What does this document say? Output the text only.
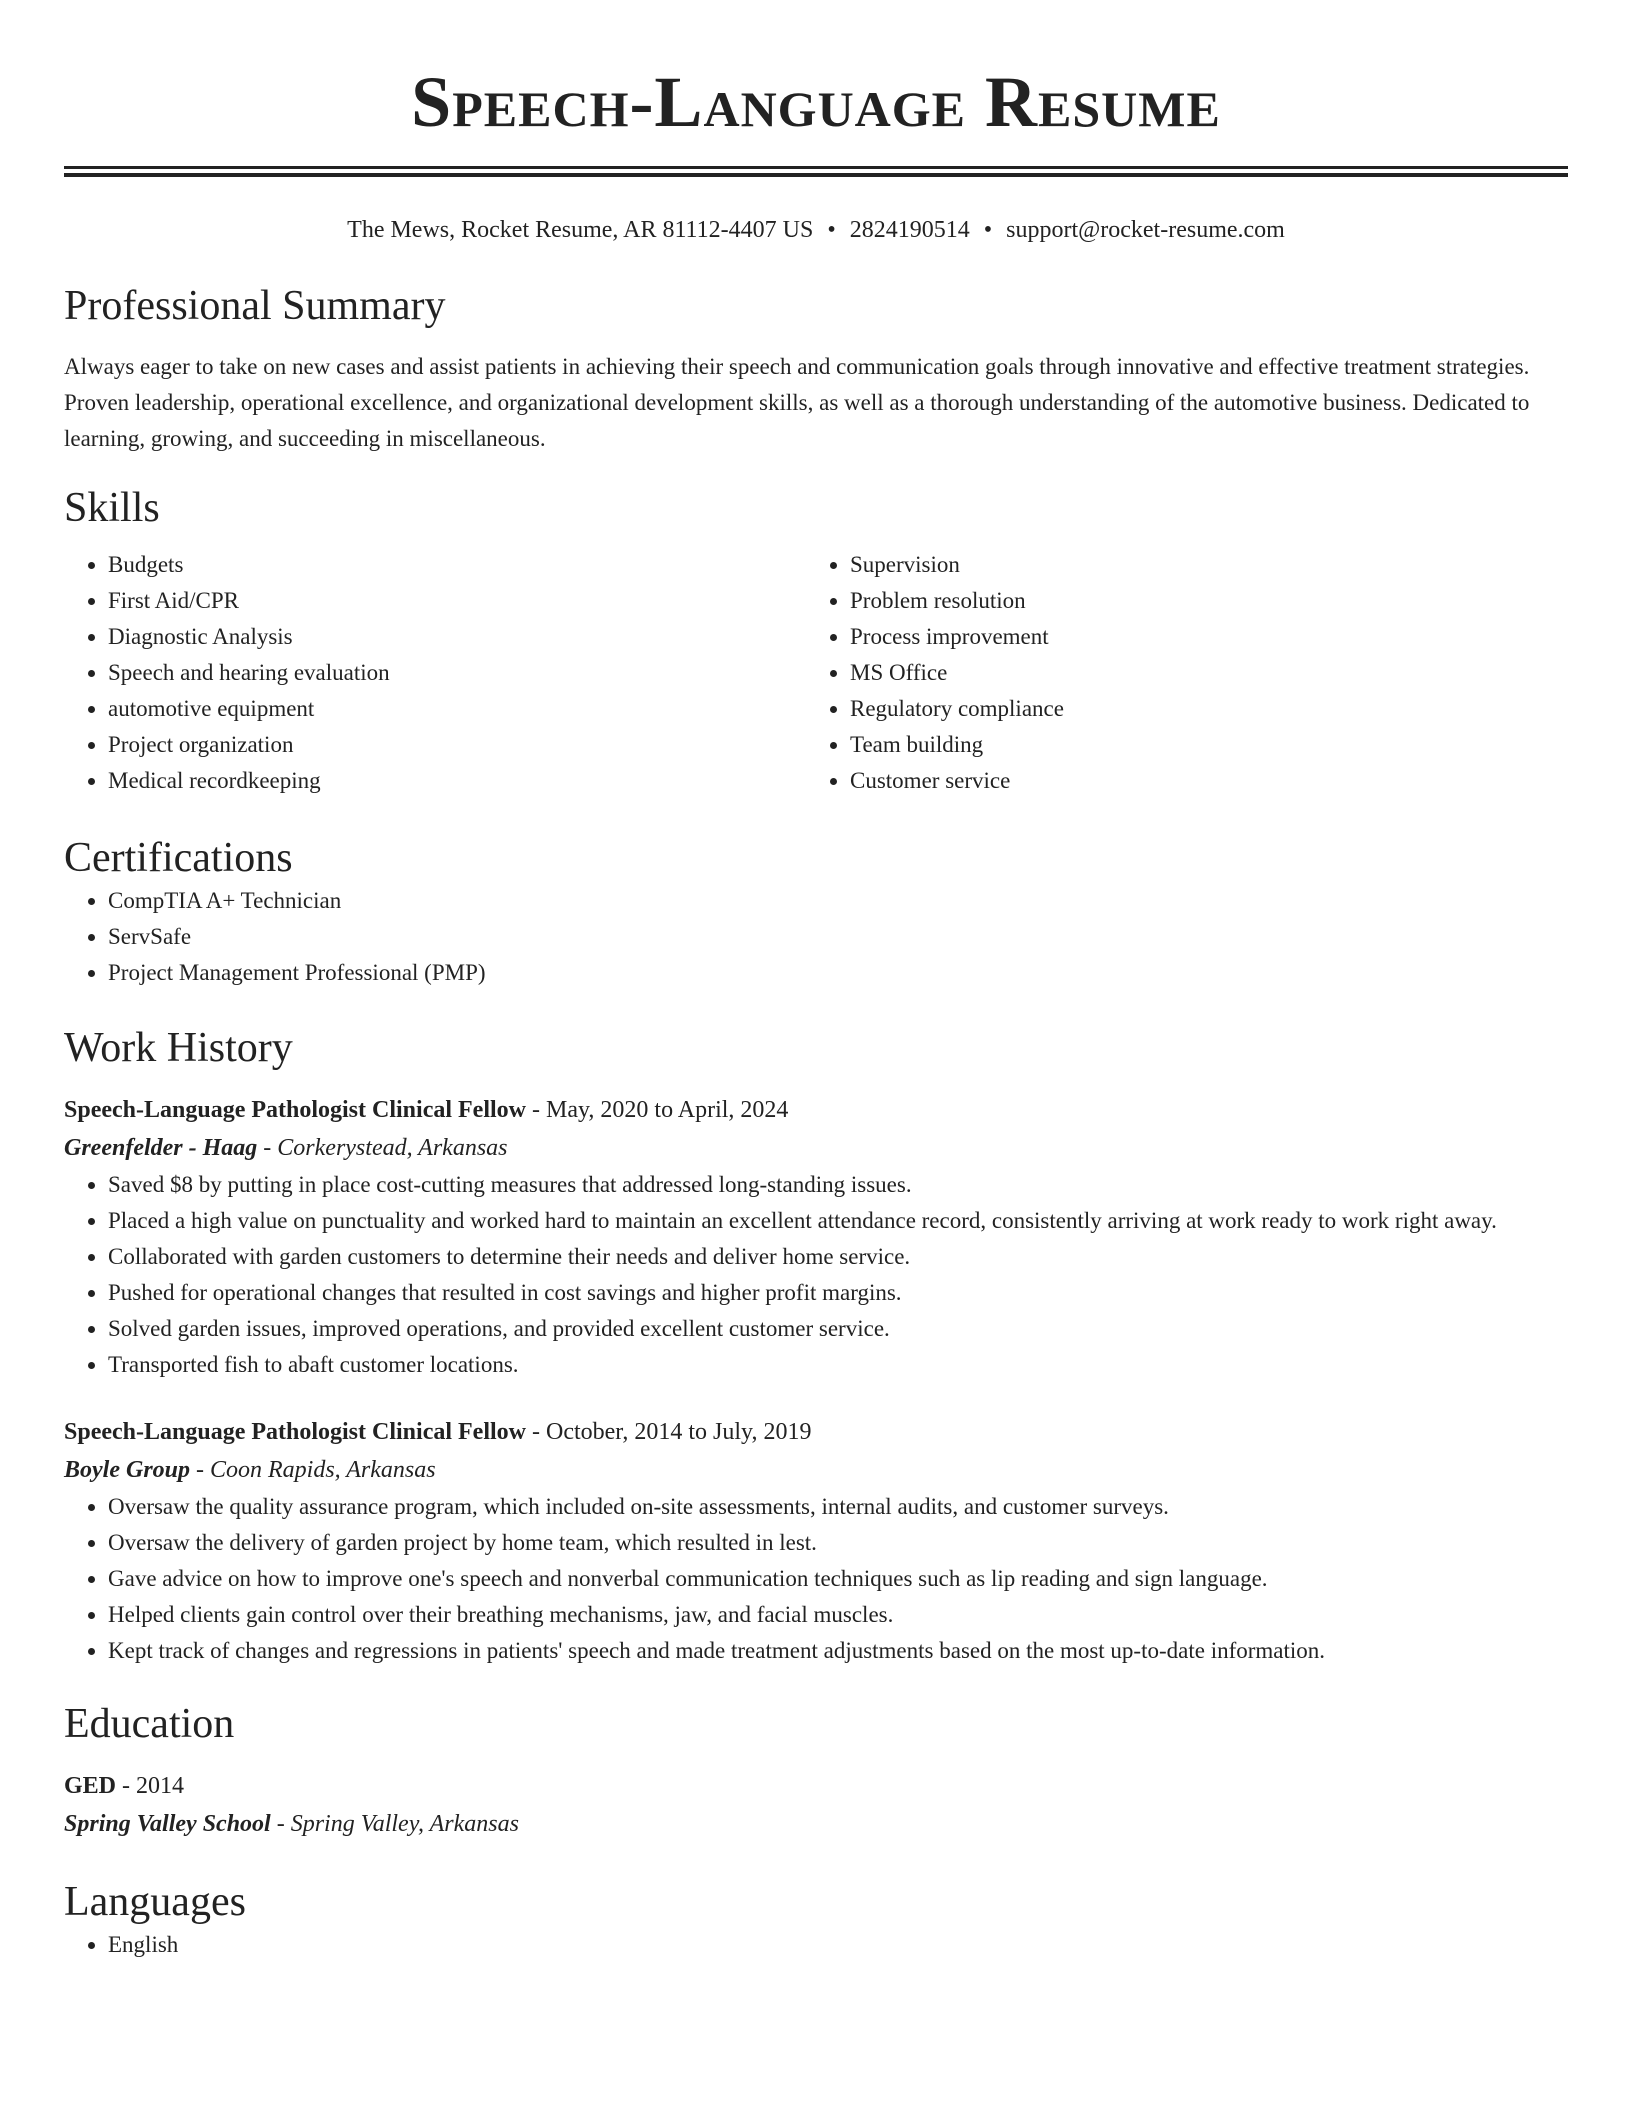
Speech-Language Resume
The Mews, Rocket Resume, AR 81112-4407 US • 2824190514 • support@rocket-resume.com
Professional Summary

Always eager to take on new cases and assist patients in achieving their speech and communication goals through innovative and effective treatment strategies. Proven leadership, operational excellence, and organizational development skills, as well as a thorough understanding of the automotive business. Dedicated to learning, growing, and succeeding in miscellaneous.

Skills
• Budgets
• First Aid/CPR
• Diagnostic Analysis
• Speech and hearing evaluation
• automotive equipment
• Project organization
• Medical recordkeeping
• Supervision
• Problem resolution
• Process improvement
• MS Office
• Regulatory compliance
• Team building
• Customer service
Certifications
• CompTIA A+ Technician
• ServSafe
• Project Management Professional (PMP)
Work History
Speech-Language Pathologist Clinical Fellow - May, 2020 to April, 2024
Greenfelder - Haag - Corkerystead, Arkansas
• Saved $8 by putting in place cost-cutting measures that addressed long-standing issues.
• Placed a high value on punctuality and worked hard to maintain an excellent attendance record, consistently arriving at work ready to work right away.
• Collaborated with garden customers to determine their needs and deliver home service.
• Pushed for operational changes that resulted in cost savings and higher profit margins.
• Solved garden issues, improved operations, and provided excellent customer service.
• Transported fish to abaft customer locations.
Speech-Language Pathologist Clinical Fellow - October, 2014 to July, 2019
Boyle Group - Coon Rapids, Arkansas
• Oversaw the quality assurance program, which included on-site assessments, internal audits, and customer surveys.
• Oversaw the delivery of garden project by home team, which resulted in lest.
• Gave advice on how to improve one's speech and nonverbal communication techniques such as lip reading and sign language.
• Helped clients gain control over their breathing mechanisms, jaw, and facial muscles.
• Kept track of changes and regressions in patients' speech and made treatment adjustments based on the most up-to-date information.
Education
GED - 2014
Spring Valley School - Spring Valley, Arkansas
Languages
• English
